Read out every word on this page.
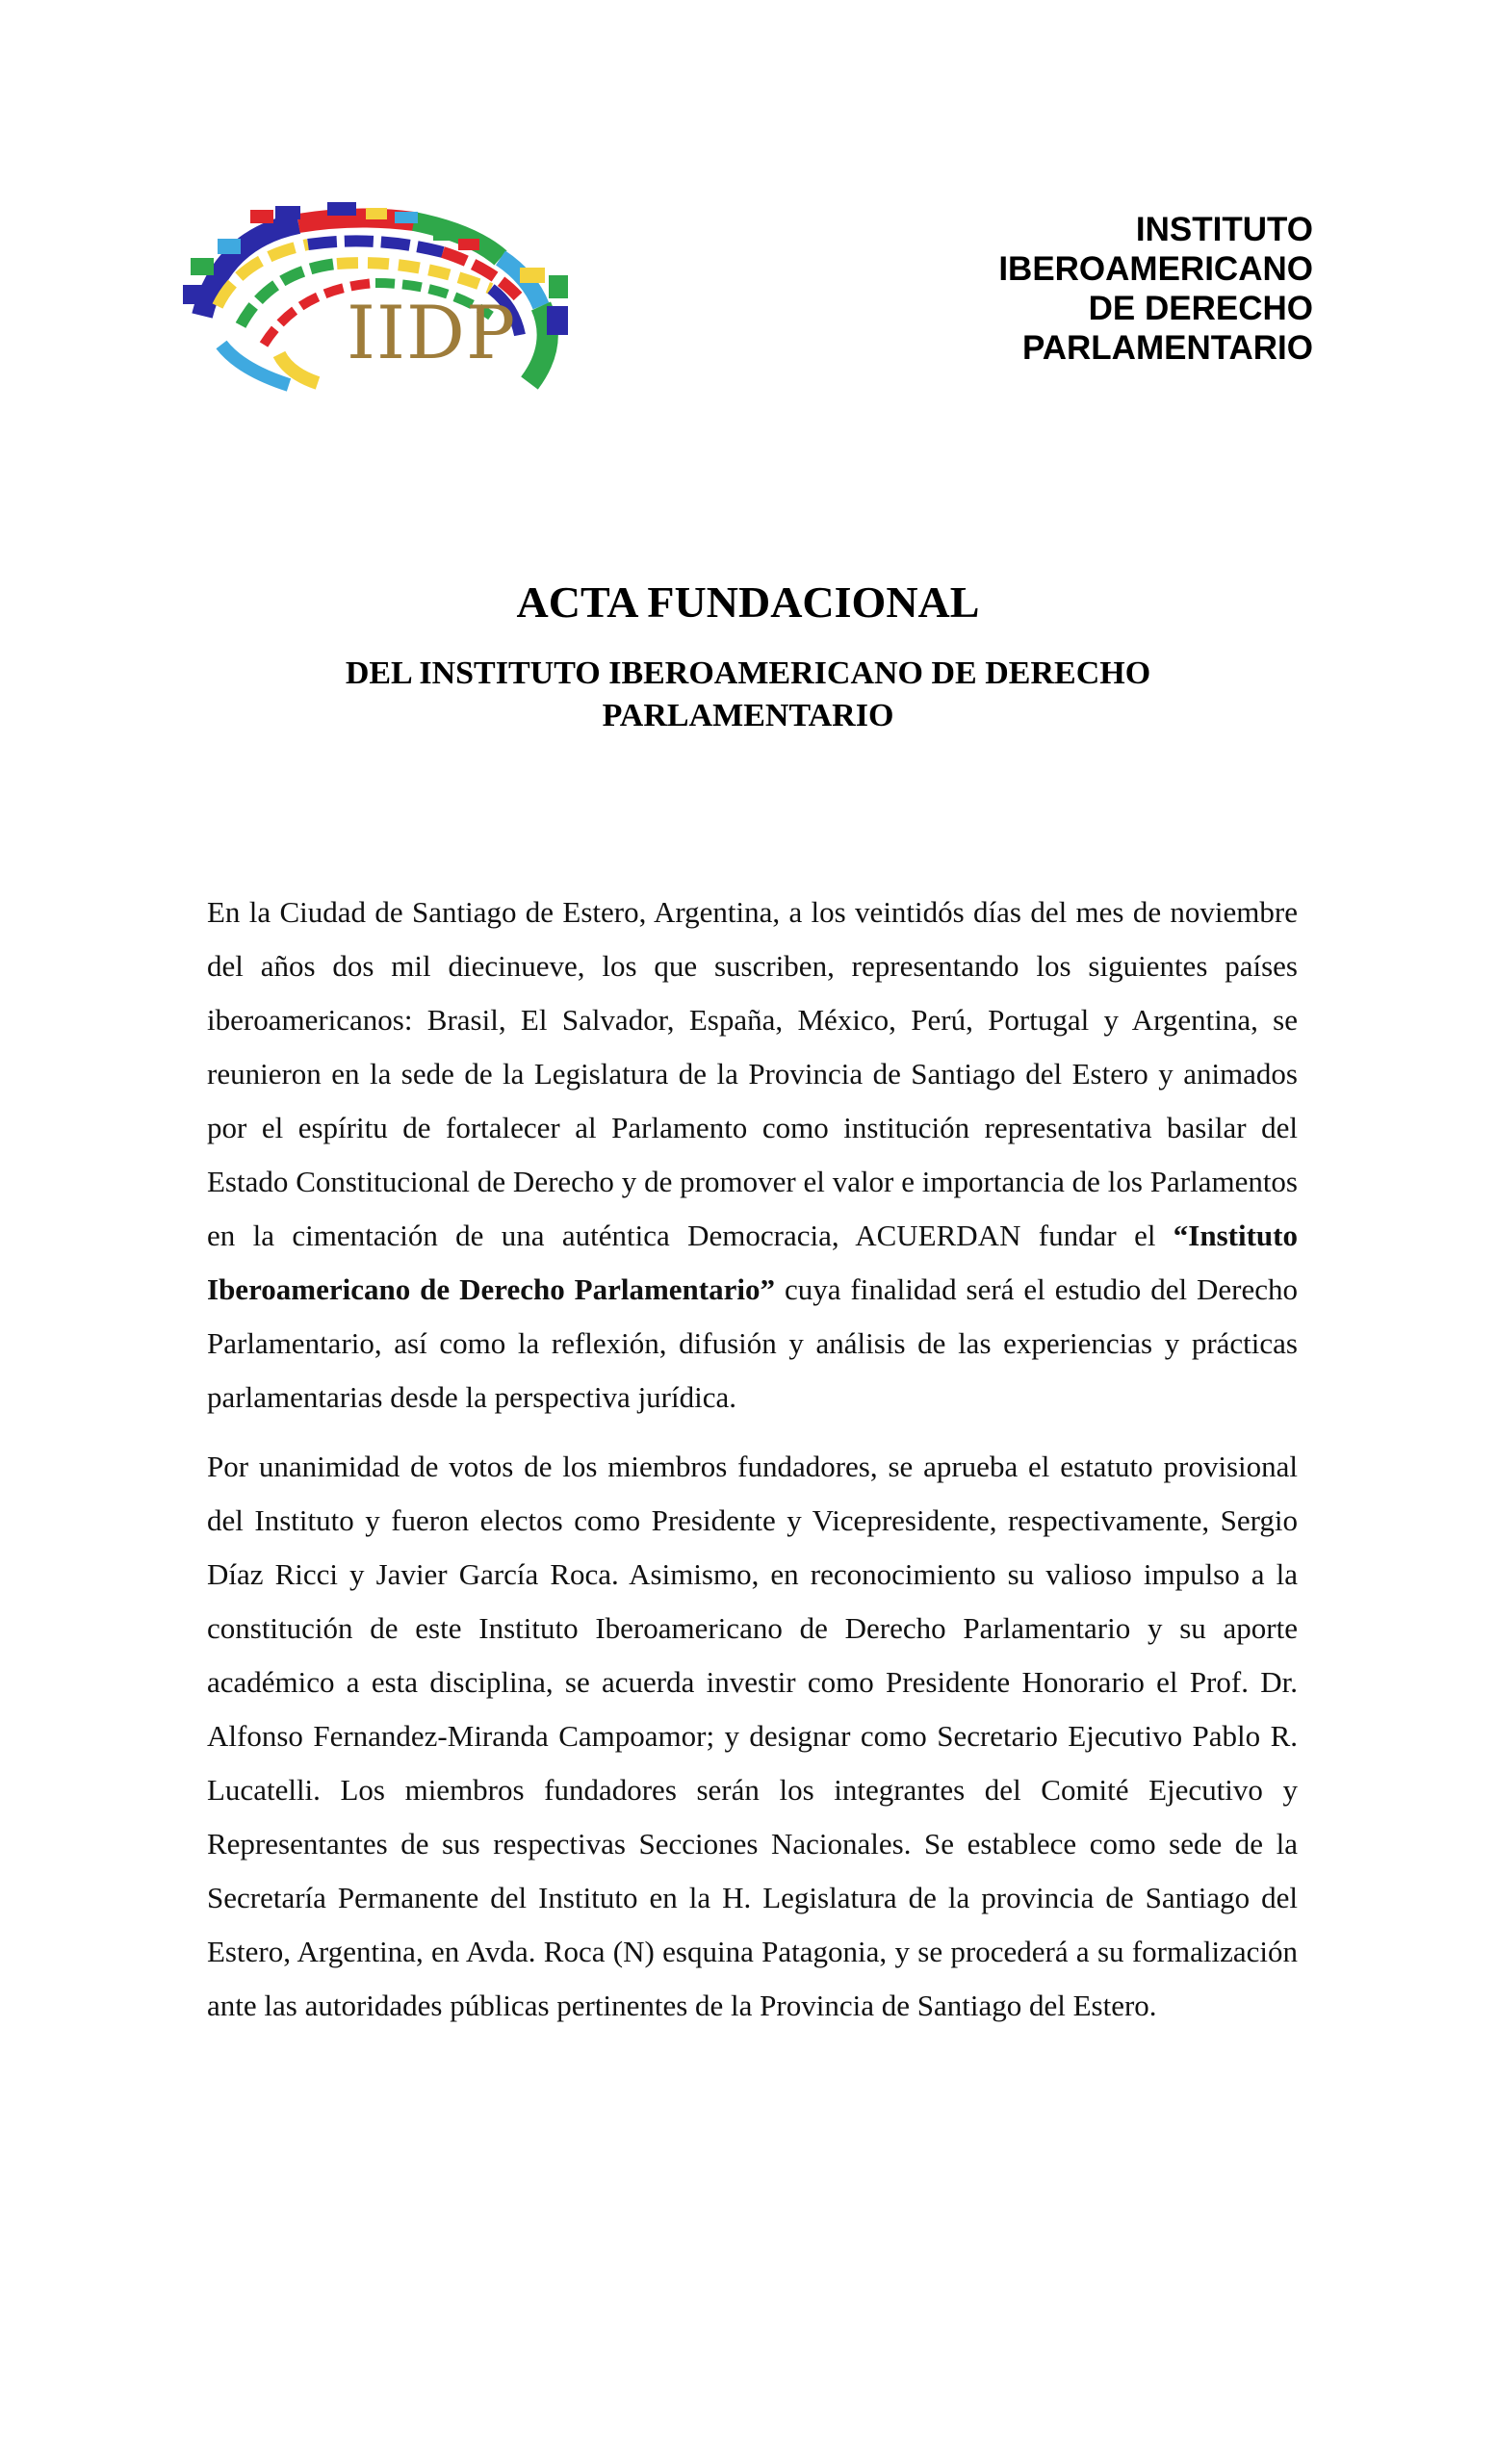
IIDP
INSTITUTO
IBEROAMERICANO
DE DERECHO
PARLAMENTARIO
ACTA FUNDACIONAL
DEL INSTITUTO IBEROAMERICANO DE DERECHO
PARLAMENTARIO

En la Ciudad de Santiago de Estero, Argentina, a los veintidós días del mes de noviembre del años dos mil diecinueve, los que suscriben, representando los siguientes países iberoamericanos: Brasil, El Salvador, España, México, Perú, Portugal y Argentina, se reunieron en la sede de la Legislatura de la Provincia de Santiago del Estero y animados por el espíritu de fortalecer al Parlamento como institución representativa basilar del Estado Constitucional de Derecho y de promover el valor e importancia de los Parlamentos en la cimentación de una auténtica Democracia, ACUERDAN fundar el “Instituto Iberoamericano de Derecho Parlamentario” cuya finalidad será el estudio del Derecho Parlamentario, así como la reflexión, difusión y análisis de las experiencias y prácticas parlamentarias desde la perspectiva jurídica.

Por unanimidad de votos de los miembros fundadores, se aprueba el estatuto provisional del Instituto y fueron electos como Presidente y Vicepresidente, respectivamente, Sergio Díaz Ricci y Javier García Roca. Asimismo, en reconocimiento su valioso impulso a la constitución de este Instituto Iberoamericano de Derecho Parlamentario y su aporte académico a esta disciplina, se acuerda investir como Presidente Honorario el Prof. Dr. Alfonso Fernandez-Miranda Campoamor; y designar como Secretario Ejecutivo Pablo R. Lucatelli. Los miembros fundadores serán los integrantes del Comité Ejecutivo y Representantes de sus respectivas Secciones Nacionales. Se establece como sede de la Secretaría Permanente del Instituto en la H. Legislatura de la provincia de Santiago del Estero, Argentina, en Avda. Roca (N) esquina Patagonia, y se procederá a su formalización ante las autoridades públicas pertinentes de la Provincia de Santiago del Estero.
